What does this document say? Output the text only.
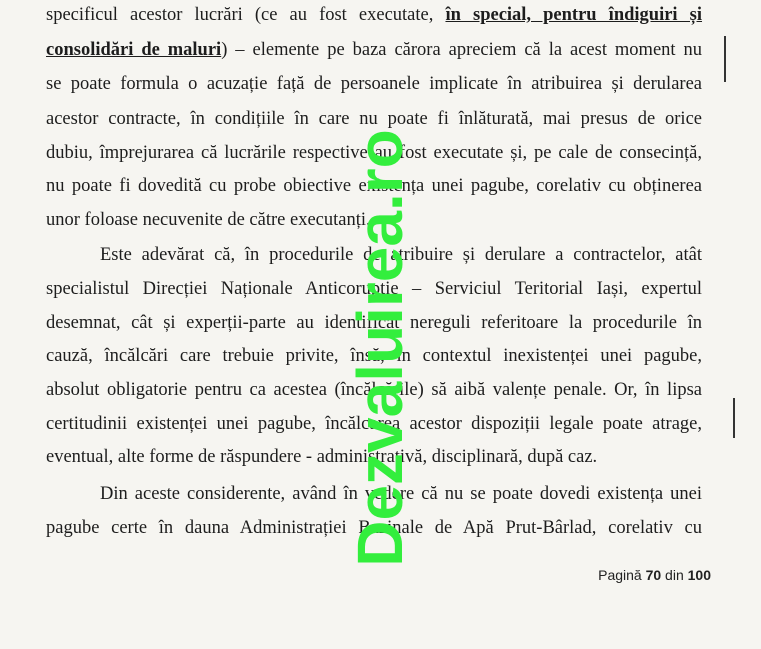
specificul acestor lucrări (ce au fost executate, în special, pentru îndiguiri și
consolidări de maluri) – elemente pe baza cărora apreciem că la acest moment nu
se poate formula o acuzație față de persoanele implicate în atribuirea și derularea
acestor contracte, în condițiile în care nu poate fi înlăturată, mai presus de orice
dubiu, împrejurarea că lucrările respective au fost executate și, pe cale de consecință,
nu poate fi dovedită cu probe obiective existența unei pagube, corelativ cu obținerea
unor foloase necuvenite de către executanți.
Este adevărat că, în procedurile de atribuire și derulare a contractelor, atât
specialistul Direcției Naționale Anticorupție – Serviciul Teritorial Iași, expertul
desemnat, cât și experții-parte au identificat nereguli referitoare la procedurile în
cauză, încălcări care trebuie privite, însă, în contextul inexistenței unei pagube,
absolut obligatorie pentru ca acestea (încălcările) să aibă valențe penale. Or, în lipsa
certitudinii existenței unei pagube, încălcarea acestor dispoziții legale poate atrage,
eventual, alte forme de răspundere - administrativă, disciplinară, după caz.
Din aceste considerente, având în vedere că nu se poate dovedi existența unei
pagube certe în dauna Administrației Bazinale de Apă Prut-Bârlad, corelativ cu
Pagină 70 din 100
Dezvaluirea.ro
